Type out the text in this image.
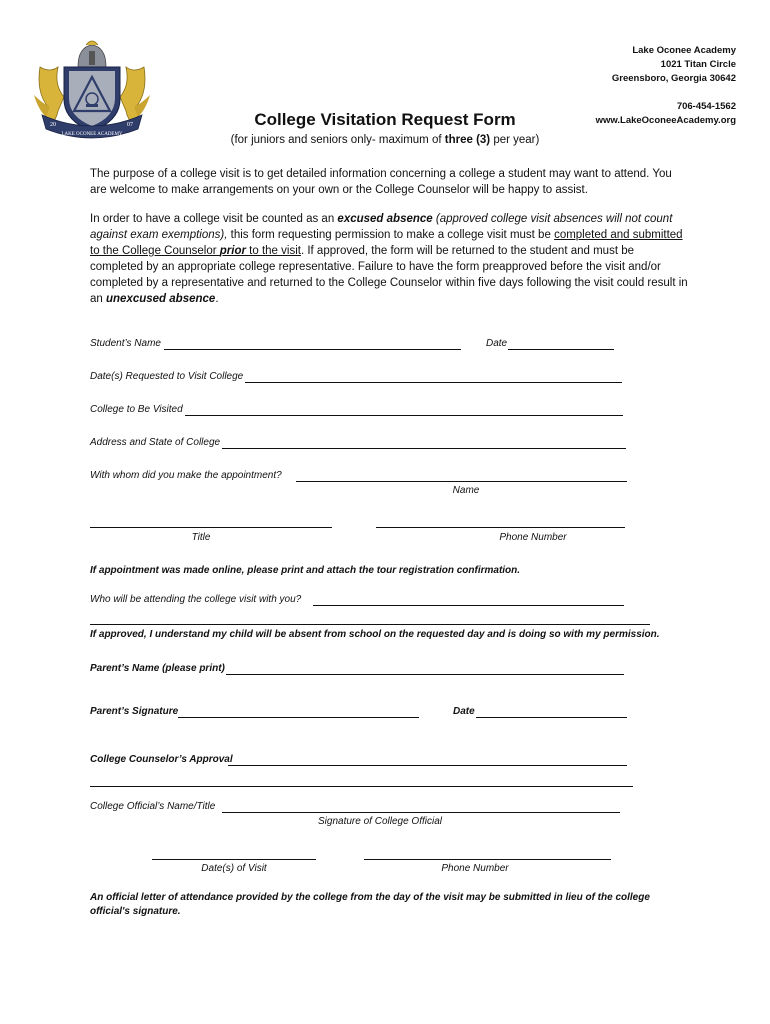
20	07
LAKE OCONEE ACADEMY
Lake Oconee Academy
1021 Titan Circle
Greensboro, Georgia 30642
706-454-1562
www.LakeOconeeAcademy.org
College Visitation Request Form
(for juniors and seniors only- maximum of three (3) per year)

The purpose of a college visit is to get detailed information concerning a college a student may want to attend. You are welcome to make arrangements on your own or the College Counselor will be happy to assist.

In order to have a college visit be counted as an excused absence (approved college visit absences will not count against exam exemptions), this form requesting permission to make a college visit must be completed and submitted to the College Counselor prior to the visit. If approved, the form will be returned to the student and must be completed by an appropriate college representative. Failure to have the form preapproved before the visit and/or completed by a representative and returned to the College Counselor within five days following the visit could result in an unexcused absence.

Student’s Name	Date
Date(s) Requested to Visit College
College to Be Visited
Address and State of College
With whom did you make the appointment?
Name
Title	Phone Number
If appointment was made online, please print and attach the tour registration confirmation.
Who will be attending the college visit with you?
If approved, I understand my child will be absent from school on the requested day and is doing so with my permission.
Parent’s Name (please print)
Parent’s Signature	Date
College Counselor’s Approval
College Official’s Name/Title
Signature of College Official
Date(s) of Visit	Phone Number
An official letter of attendance provided by the college from the day of the visit may be submitted in lieu of the college official's signature.
